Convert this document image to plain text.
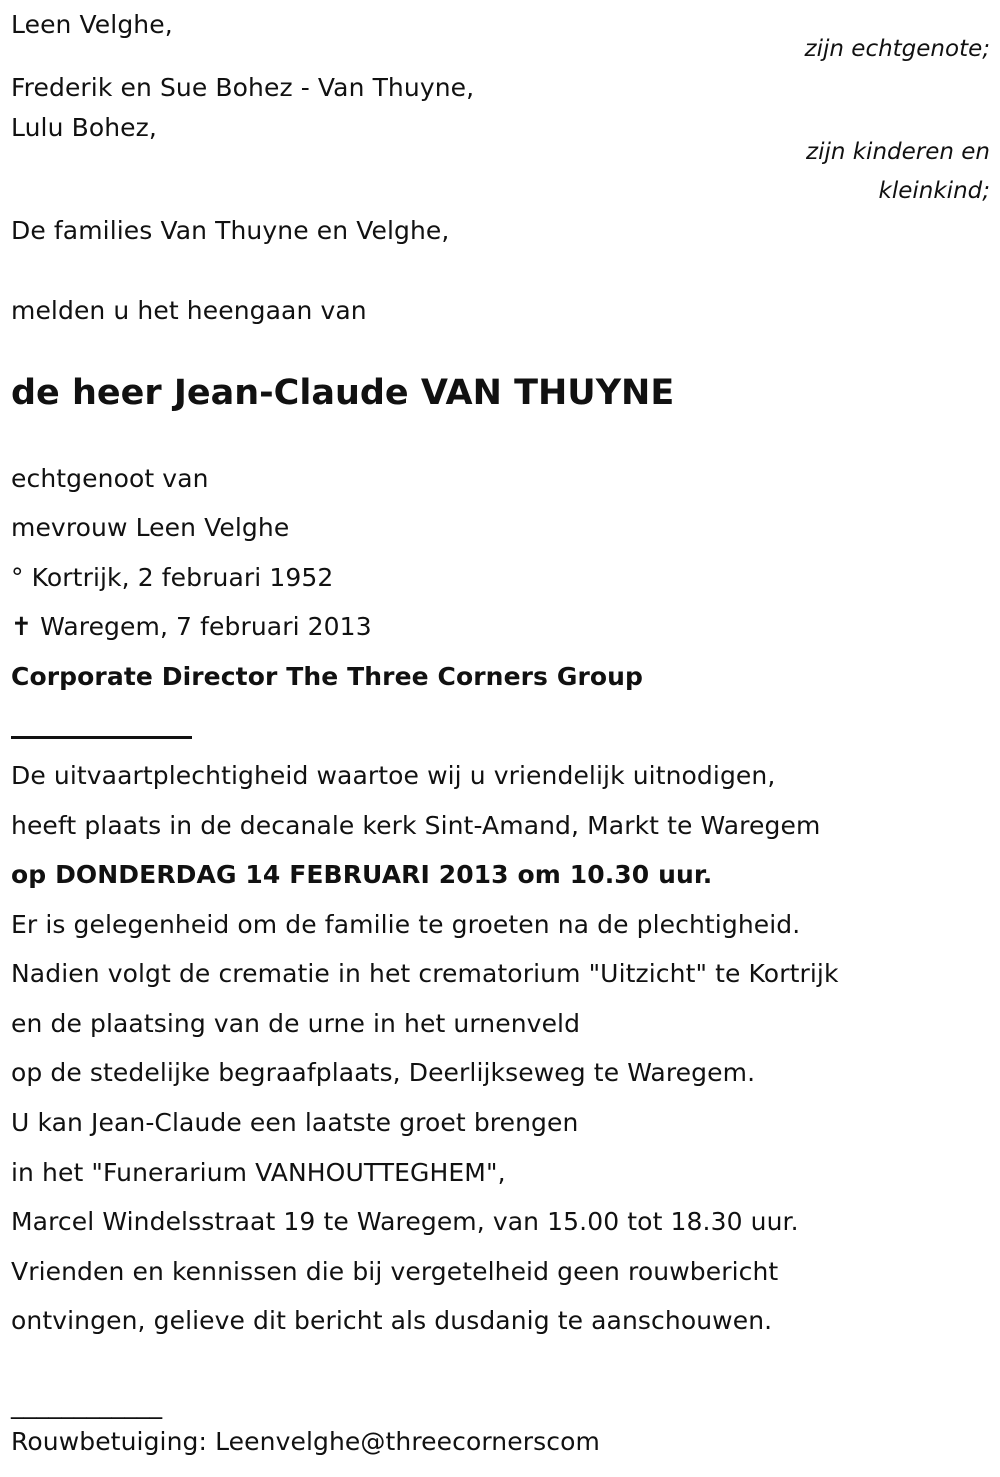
Leen Velghe,
zijn echtgenote;
Frederik en Sue Bohez - Van Thuyne,
Lulu Bohez,
zijn kinderen en
kleinkind;
De families Van Thuyne en Velghe,
melden u het heengaan van
de heer Jean-Claude VAN THUYNE
echtgenoot van
mevrouw Leen Velghe
° Kortrijk, 2 februari 1952
✝ Waregem, 7 februari 2013
Corporate Director The Three Corners Group
De uitvaartplechtigheid waartoe wij u vriendelijk uitnodigen,
heeft plaats in de decanale kerk Sint-Amand, Markt te Waregem
op DONDERDAG 14 FEBRUARI 2013 om 10.30 uur.
Er is gelegenheid om de familie te groeten na de plechtigheid.
Nadien volgt de crematie in het crematorium "Uitzicht" te Kortrijk
en de plaatsing van de urne in het urnenveld
op de stedelijke begraafplaats, Deerlijkseweg te Waregem.
U kan Jean-Claude een laatste groet brengen
in het "Funerarium VANHOUTTEGHEM",
Marcel Windelsstraat 19 te Waregem, van 15.00 tot 18.30 uur.
Vrienden en kennissen die bij vergetelheid geen rouwbericht
ontvingen, gelieve dit bericht als dusdanig te aanschouwen.
____________
Rouwbetuiging: Leenvelghe@threecornerscom
